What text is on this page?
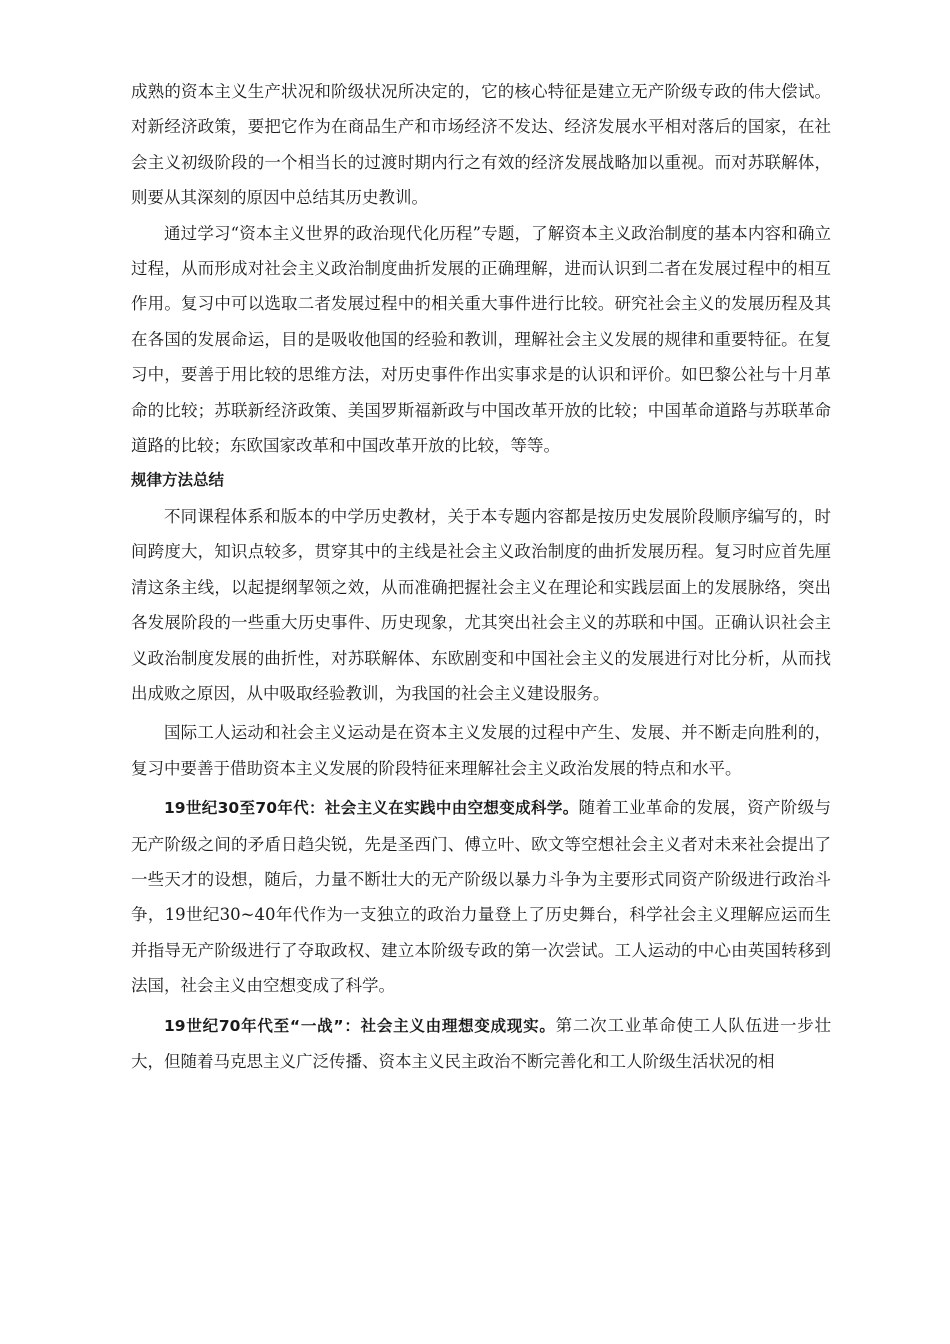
成熟的资本主义生产状况和阶级状况所决定的，它的核心特征是建立无产阶级专政的伟大偿试。对新经济政策，要把它作为在商品生产和市场经济不发达、经济发展水平相对落后的国家，在社会主义初级阶段的一个相当长的过渡时期内行之有效的经济发展战略加以重视。而对苏联解体，则要从其深刻的原因中总结其历史教训。

通过学习“资本主义世界的政治现代化历程”专题，了解资本主义政治制度的基本内容和确立过程，从而形成对社会主义政治制度曲折发展的正确理解，进而认识到二者在发展过程中的相互作用。复习中可以选取二者发展过程中的相关重大事件进行比较。研究社会主义的发展历程及其在各国的发展命运，目的是吸收他国的经验和教训，理解社会主义发展的规律和重要特征。在复习中，要善于用比较的思维方法，对历史事件作出实事求是的认识和评价。如巴黎公社与十月革命的比较；苏联新经济政策、美国罗斯福新政与中国改革开放的比较；中国革命道路与苏联革命道路的比较；东欧国家改革和中国改革开放的比较，等等。

规律方法总结

不同课程体系和版本的中学历史教材，关于本专题内容都是按历史发展阶段顺序编写的，时间跨度大，知识点较多，贯穿其中的主线是社会主义政治制度的曲折发展历程。复习时应首先厘清这条主线，以起提纲挈领之效，从而准确把握社会主义在理论和实践层面上的发展脉络，突出各发展阶段的一些重大历史事件、历史现象，尤其突出社会主义的苏联和中国。正确认识社会主义政治制度发展的曲折性，对苏联解体、东欧剧变和中国社会主义的发展进行对比分析，从而找出成败之原因，从中吸取经验教训，为我国的社会主义建设服务。

国际工人运动和社会主义运动是在资本主义发展的过程中产生、发展、并不断走向胜利的，复习中要善于借助资本主义发展的阶段特征来理解社会主义政治发展的特点和水平。

19世纪30至70年代：社会主义在实践中由空想变成科学。随着工业革命的发展，资产阶级与无产阶级之间的矛盾日趋尖锐，先是圣西门、傅立叶、欧文等空想社会主义者对未来社会提出了一些天才的设想，随后，力量不断壮大的无产阶级以暴力斗争为主要形式同资产阶级进行政治斗争，19世纪30~40年代作为一支独立的政治力量登上了历史舞台，科学社会主义理解应运而生并指导无产阶级进行了夺取政权、建立本阶级专政的第一次尝试。工人运动的中心由英国转移到法国，社会主义由空想变成了科学。

19世纪70年代至“一战”：社会主义由理想变成现实。第二次工业革命使工人队伍进一步壮大，但随着马克思主义广泛传播、资本主义民主政治不断完善化和工人阶级生活状况的相
